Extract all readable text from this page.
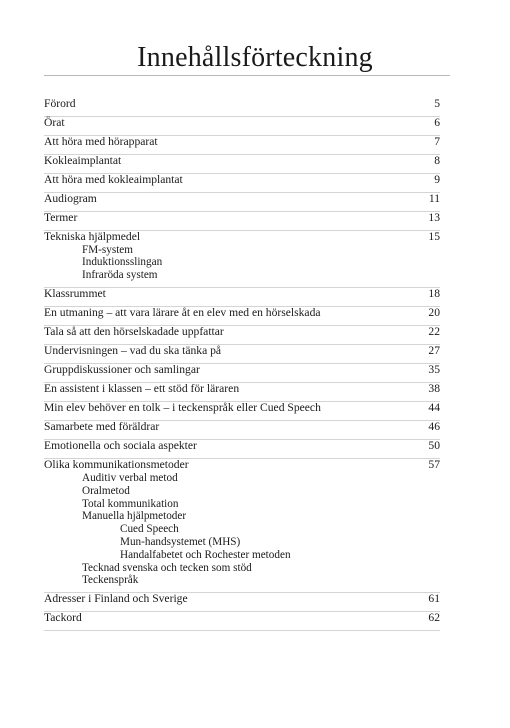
Innehållsförteckning
Förord	5
Örat	6
Att höra med hörapparat	7
Kokleaimplantat	8
Att höra med kokleaimplantat	9
Audiogram	11
Termer	13
Tekniska hjälpmedel	15
FM-system
Induktionsslingan
Infraröda system
Klassrummet	18
En utmaning – att vara lärare åt en elev med en hörselskada	20
Tala så att den hörselskadade uppfattar	22
Undervisningen – vad du ska tänka på	27
Gruppdiskussioner och samlingar	35
En assistent i klassen – ett stöd för läraren	38
Min elev behöver en tolk – i teckenspråk eller Cued Speech	44
Samarbete med föräldrar	46
Emotionella och sociala aspekter	50
Olika kommunikationsmetoder	57
Auditiv verbal metod
Oralmetod
Total kommunikation
Manuella hjälpmetoder
Cued Speech
Mun-handsystemet (MHS)
Handalfabetet och Rochester metoden
Tecknad svenska och tecken som stöd
Teckenspråk
Adresser i Finland och Sverige	61
Tackord	62
